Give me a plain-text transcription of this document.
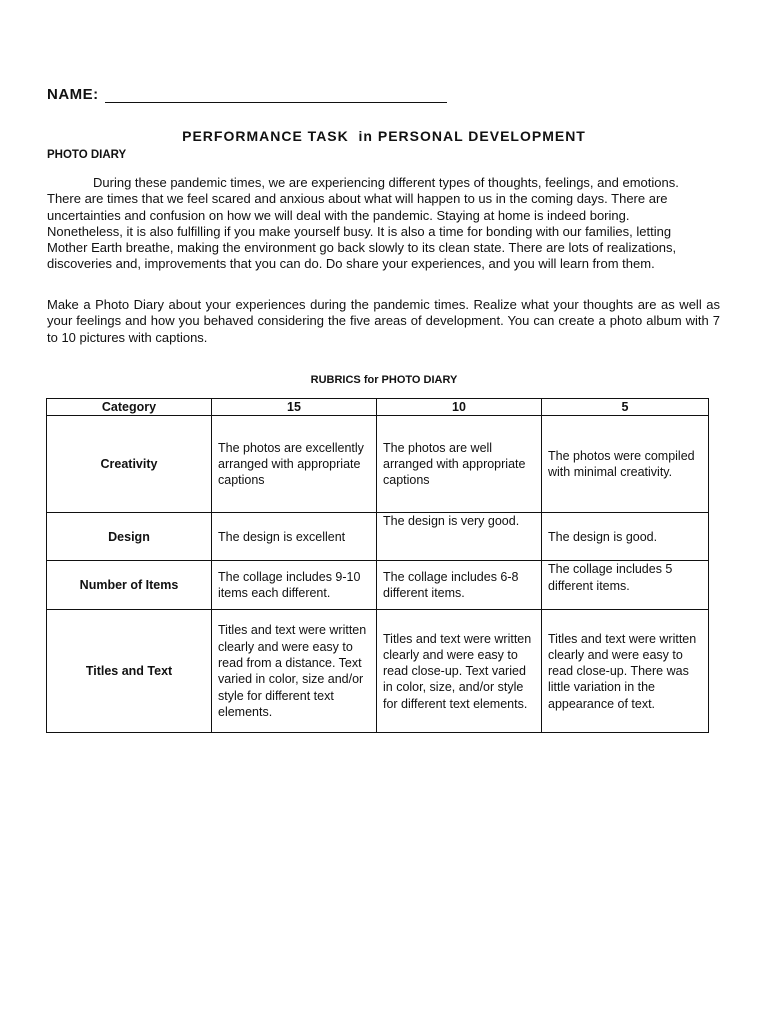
NAME:
PERFORMANCE TASK  in PERSONAL DEVELOPMENT
PHOTO DIARY

During these pandemic times, we are experiencing different types of thoughts, feelings, and emotions. There are times that we feel scared and anxious about what will happen to us in the coming days. There are uncertainties and confusion on how we will deal with the pandemic. Staying at home is indeed boring. Nonetheless, it is also fulfilling if you make yourself busy. It is also a time for bonding with our families, letting Mother Earth breathe, making the environment go back slowly to its clean state. There are lots of realizations, discoveries and, improvements that you can do. Do share your experiences, and you will learn from them.

Make a Photo Diary about your experiences during the pandemic times. Realize what your thoughts are as well as your feelings and how you behaved considering the five areas of development. You can create a photo album with 7 to 10 pictures with captions.

RUBRICS for PHOTO DIARY
Category	15	10	5
Creativity	The photos are excellently arranged with appropriate captions	The photos are well arranged with appropriate captions	The photos were compiled with minimal creativity.
Design	The design is excellent	The design is very good.	The design is good.
Number of Items	The collage includes 9-10 items each different.	The collage includes 6-8 different items.	The collage includes 5 different items.
Titles and Text	Titles and text were written clearly and were easy to read from a distance. Text varied in color, size and/or style for different text elements.	Titles and text were written clearly and were easy to read close-up. Text varied in color, size, and/or style for different text elements.	Titles and text were written clearly and were easy to read close-up. There was little variation in the appearance of text.
